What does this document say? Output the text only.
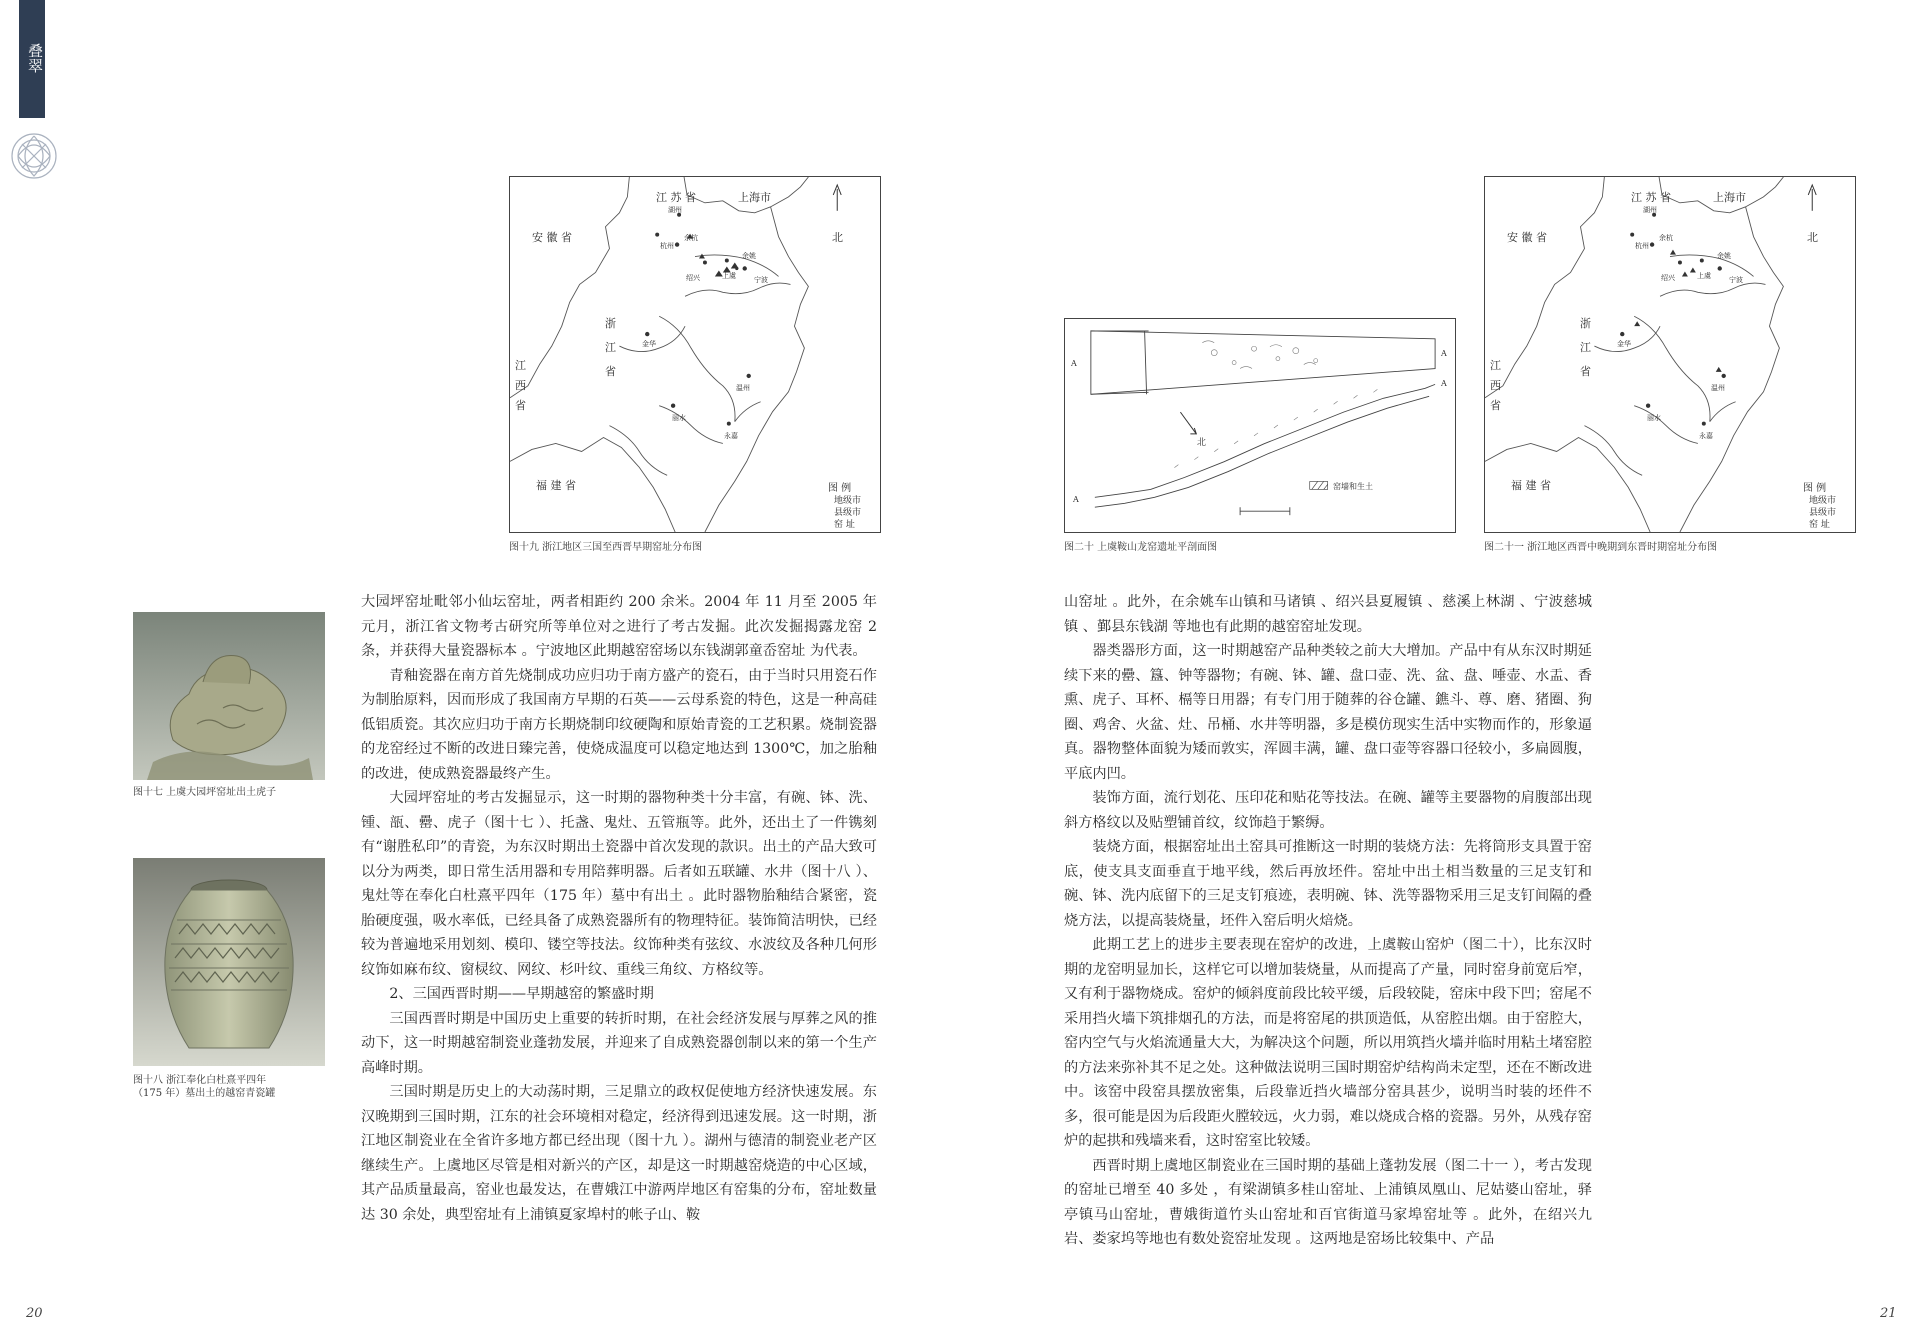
叠翠
江 苏 省	上海市
安 徽 省
浙
江
省
江
西
省
福 建 省
湖州
余杭
杭州
绍兴	上虞
余姚
宁波
金华
丽水
温州
永嘉
北
图 例
地级市
县级市
窑 址
图十九 浙江地区三国至西晋早期窑址分布图
A
A
A
A
北
窑墙和生土
图二十 上虞鞍山龙窑遗址平剖面图
江 苏 省	上海市
安 徽 省
浙
江
省
江
西
省
福 建 省
湖州
余杭
杭州
绍兴	上虞
余姚
宁波
金华
丽水
温州
永嘉
北
图 例
地级市
县级市
窑 址
图二十一 浙江地区西晋中晚期到东晋时期窑址分布图
图十七 上虞大园坪窑址出土虎子
图十八 浙江奉化白杜熹平四年
（175 年）墓出土的越窑青瓷罐

大园坪窑址毗邻小仙坛窑址，两者相距约 200 余米。2004 年 11 月至 2005 年元月，浙江省文物考古研究所等单位对之进行了考古发掘。此次发掘揭露龙窑 2 条，并获得大量瓷器标本 。宁波地区此期越窑窑场以东钱湖郭童岙窑址 为代表。

青釉瓷器在南方首先烧制成功应归功于南方盛产的瓷石，由于当时只用瓷石作为制胎原料，因而形成了我国南方早期的石英——云母系瓷的特色，这是一种高硅低铝质瓷。其次应归功于南方长期烧制印纹硬陶和原始青瓷的工艺积累。烧制瓷器的龙窑经过不断的改进日臻完善，使烧成温度可以稳定地达到 1300℃，加之胎釉的改进，使成熟瓷器最终产生。

大园坪窑址的考古发掘显示，这一时期的器物种类十分丰富，有碗、钵、洗、锺、瓿、罍、虎子（图十七 ）、托盏、鬼灶、五管瓶等。此外，还出土了一件镌刻有“谢胜私印”的青瓷，为东汉时期出土瓷器中首次发现的款识。出土的产品大致可以分为两类，即日常生活用器和专用陪葬明器。后者如五联罐、水井（图十八 ）、鬼灶等在奉化白杜熹平四年（175 年）墓中有出土 。此时器物胎釉结合紧密，瓷胎硬度强，吸水率低，已经具备了成熟瓷器所有的物理特征。装饰简洁明快，已经较为普遍地采用划刻、模印、镂空等技法。纹饰种类有弦纹、水波纹及各种几何形纹饰如麻布纹、窗棂纹、网纹、杉叶纹、重线三角纹、方格纹等。

2、三国西晋时期——早期越窑的繁盛时期

三国西晋时期是中国历史上重要的转折时期，在社会经济发展与厚葬之风的推动下，这一时期越窑制瓷业蓬勃发展，并迎来了自成熟瓷器创制以来的第一个生产高峰时期。

三国时期是历史上的大动荡时期，三足鼎立的政权促使地方经济快速发展。东汉晚期到三国时期，江东的社会环境相对稳定，经济得到迅速发展。这一时期，浙江地区制瓷业在全省许多地方都已经出现（图十九 ）。湖州与德清的制瓷业老产区继续生产。上虞地区尽管是相对新兴的产区，却是这一时期越窑烧造的中心区域，其产品质量最高，窑业也最发达，在曹娥江中游两岸地区有窑集的分布，窑址数量达 30 余处，典型窑址有上浦镇夏家埠村的帐子山、鞍

山窑址 。此外，在余姚车山镇和马诸镇 、绍兴县夏履镇 、慈溪上林湖 、宁波慈城镇 、鄞县东钱湖 等地也有此期的越窑窑址发现。

器类器形方面，这一时期越窑产品种类较之前大大增加。产品中有从东汉时期延续下来的罍、簋、钟等器物；有碗、钵、罐、盘口壶、洗、盆、盘、唾壶、水盂、香熏、虎子、耳杯、槅等日用器；有专门用于随葬的谷仓罐、鐎斗、尊、磨、猪圈、狗圈、鸡舍、火盆、灶、吊桶、水井等明器，多是模仿现实生活中实物而作的，形象逼真。器物整体面貌为矮而敦实，浑圆丰满，罐、盘口壶等容器口径较小，多扁圆腹，平底内凹。

装饰方面，流行划花、压印花和贴花等技法。在碗、罐等主要器物的肩腹部出现斜方格纹以及贴塑铺首纹，纹饰趋于繁缛。

装烧方面，根据窑址出土窑具可推断这一时期的装烧方法：先将筒形支具置于窑底，使支具支面垂直于地平线，然后再放坯件。窑址中出土相当数量的三足支钉和碗、钵、洗内底留下的三足支钉痕迹，表明碗、钵、洗等器物采用三足支钉间隔的叠烧方法，以提高装烧量，坯件入窑后明火焙烧。

此期工艺上的进步主要表现在窑炉的改进，上虞鞍山窑炉（图二十），比东汉时期的龙窑明显加长，这样它可以增加装烧量，从而提高了产量，同时窑身前宽后窄，又有利于器物烧成。窑炉的倾斜度前段比较平缓，后段较陡，窑床中段下凹；窑尾不采用挡火墙下筑排烟孔的方法，而是将窑尾的拱顶造低，从窑腔出烟。由于窑腔大，窑内空气与火焰流通量大大，为解决这个问题，所以用筑挡火墙并临时用粘土堵窑腔的方法来弥补其不足之处。这种做法说明三国时期窑炉结构尚未定型，还在不断改进中。该窑中段窑具摆放密集，后段靠近挡火墙部分窑具甚少，说明当时装的坯件不多，很可能是因为后段距火膛较远，火力弱，难以烧成合格的瓷器。另外，从残存窑炉的起拱和残墙来看，这时窑室比较矮。

西晋时期上虞地区制瓷业在三国时期的基础上蓬勃发展（图二十一 ），考古发现的窑址已增至 40 多处 ，有梁湖镇多桂山窑址、上浦镇凤凰山、尼姑婆山窑址，驿亭镇马山窑址，曹娥街道竹头山窑址和百官街道马家埠窑址等 。此外，在绍兴九岩、娄家坞等地也有数处瓷窑址发现 。这两地是窑场比较集中、产品

20	21
